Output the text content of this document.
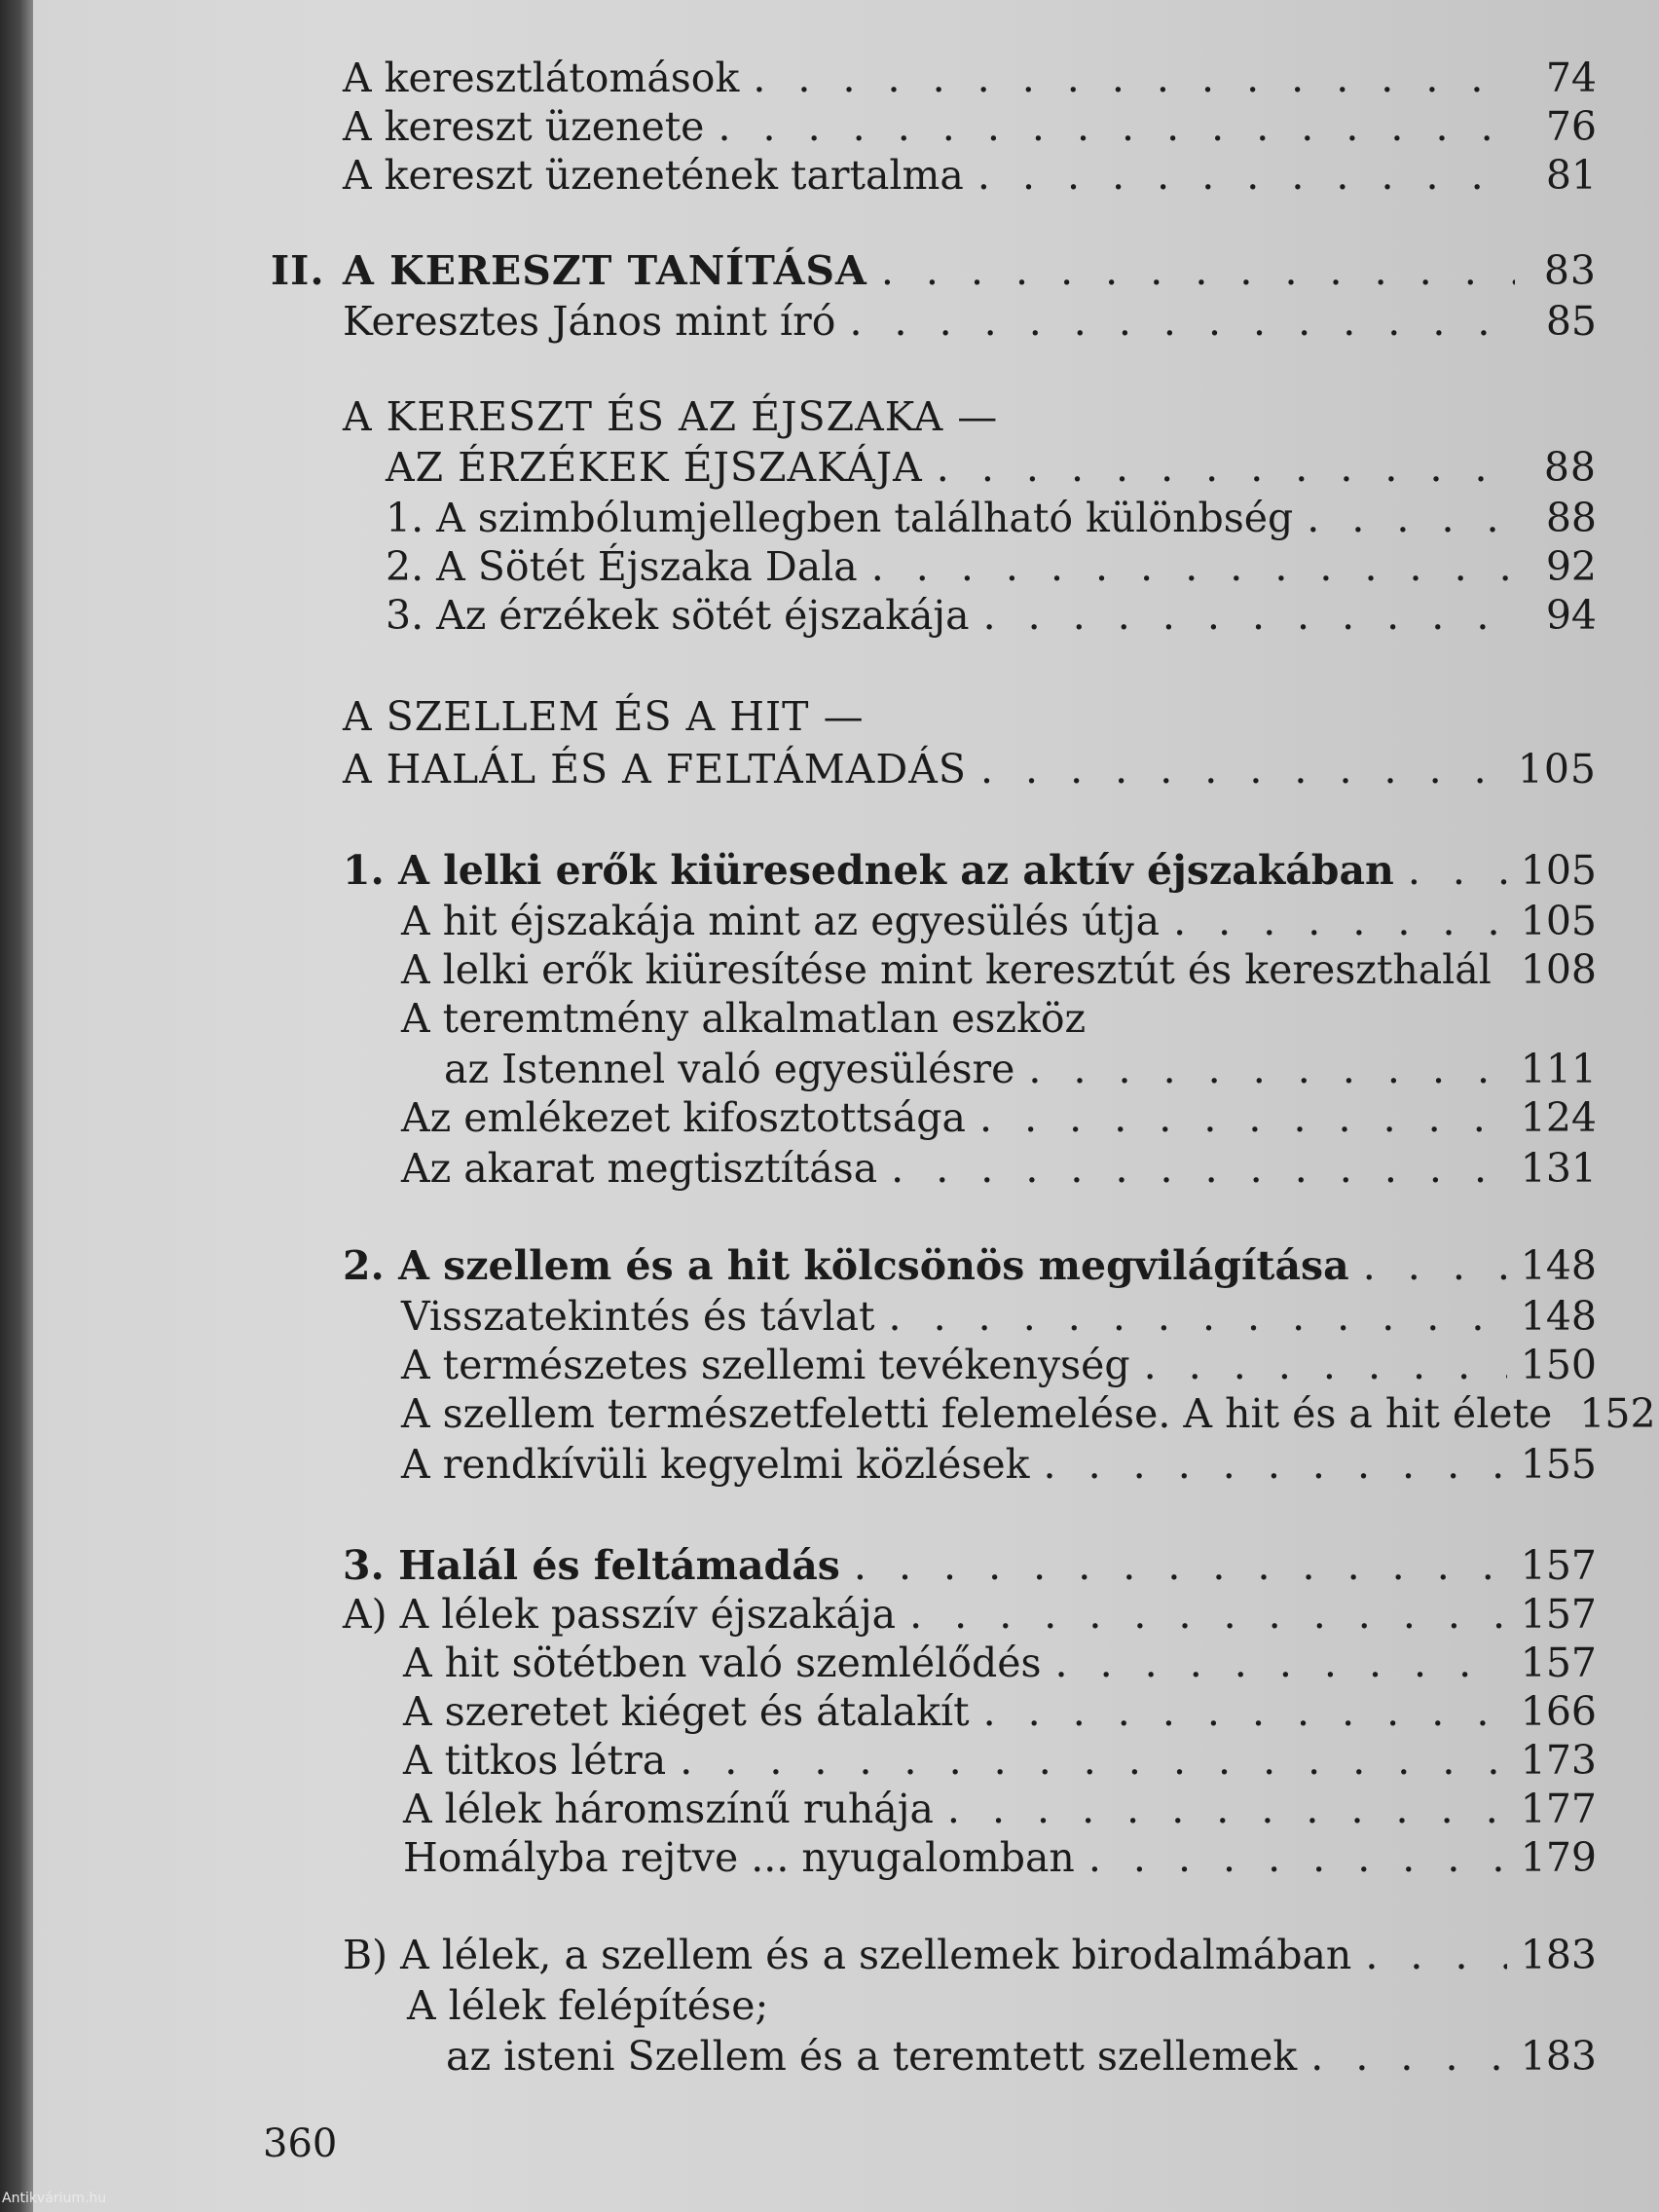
A keresztlátomások . . .	74
A kereszt üzenete . . .	76
A kereszt üzenetének tartalma . . .	81
II. A KERESZT TANÍTÁSA . . .	83
Keresztes János mint író . . .	85
A KERESZT ÉS AZ ÉJSZAKA —
AZ ÉRZÉKEK ÉJSZAKÁJA . . .	88
1. A szimbólumjellegben található különbség . . .	88
2. A Sötét Éjszaka Dala . . .	92
3. Az érzékek sötét éjszakája . . .	94
A SZELLEM ÉS A HIT —
A HALÁL ÉS A FELTÁMADÁS . . .	105
1. A lelki erők kiüresednek az aktív éjszakában . . .	105
A hit éjszakája mint az egyesülés útja . . .	105
A lelki erők kiüresítése mint keresztút és kereszthalál . . . 108
A teremtmény alkalmatlan eszköz
az Istennel való egyesülésre . . .	111
Az emlékezet kifosztottsága . . .	124
Az akarat megtisztítása . . .	131
2. A szellem és a hit kölcsönös megvilágítása . . .	148
Visszatekintés és távlat . . .	148
A természetes szellemi tevékenység . . .	150
A szellem természetfeletti felemelése. A hit és a hit élete 152
A rendkívüli kegyelmi közlések . . .	155
3. Halál és feltámadás . . .	157
A) A lélek passzív éjszakája . . .	157
A hit sötétben való szemlélődés . . .	157
A szeretet kiéget és átalakít . . .	166
A titkos létra . . .	173
A lélek háromszínű ruhája . . .	177
Homályba rejtve ... nyugalomban . . .	179
B) A lélek, a szellem és a szellemek birodalmában . . .	183
A lélek felépítése;
az isteni Szellem és a teremtett szellemek . . .	183
360
Antikvárium.hu
